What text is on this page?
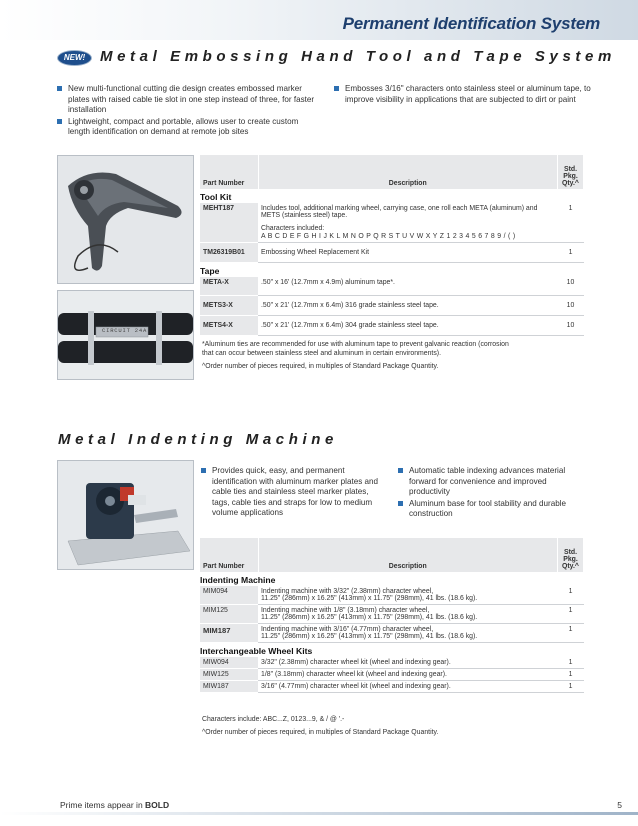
Permanent Identification System
NEW! Metal Embossing Hand Tool and Tape System
New multi-functional cutting die design creates embossed marker plates with raised cable tie slot in one step instead of three, for faster installation
Lightweight, compact and portable, allows user to create custom length identification on demand at remote job sites
Embosses 3/16" characters onto stainless steel or aluminum tape, to improve visibility in applications that are subjected to dirt or paint
CIRCUIT 24A
Part Number	Description	Std. Pkg. Qty.^
Tool Kit		
MEHT187	Includes tool, additional marking wheel, carrying case, one roll each META (aluminum) and METS (stainless steel) tape.
Characters included:
A B C D E F G H I J K L M N O P Q R S T U V W X Y Z 1 2 3 4 5 6 7 8 9 / ( )	1
TM26319B01	Embossing Wheel Replacement Kit	1
Tape		
META-X	.50" x 16' (12.7mm x 4.9m) aluminum tape*.	10
METS3-X	.50" x 21' (12.7mm x 6.4m) 316 grade stainless steel tape.	10
METS4-X	.50" x 21' (12.7mm x 6.4m) 304 grade stainless steel tape.	10
*Aluminum ties are recommended for use with aluminum tape to prevent galvanic reaction (corrosion that can occur between stainless steel and aluminum in certain environments).
^Order number of pieces required, in multiples of Standard Package Quantity.
Metal Indenting Machine
Provides quick, easy, and permanent identification with aluminum marker plates and cable ties and stainless steel marker plates, tags, cable ties and straps for low to medium volume applications
Automatic table indexing advances material forward for convenience and improved productivity
Aluminum base for tool stability and durable construction
Part Number	Description	Std. Pkg. Qty.^
Indenting Machine		
MIM094	Indenting machine with 3/32" (2.38mm) character wheel,
11.25" (286mm) x 16.25" (413mm) x 11.75" (298mm), 41 lbs. (18.6 kg).	1
MIM125	Indenting machine with 1/8" (3.18mm) character wheel,
11.25" (286mm) x 16.25" (413mm) x 11.75" (298mm), 41 lbs. (18.6 kg).	1
MIM187	Indenting machine with 3/16" (4.77mm) character wheel,
11.25" (286mm) x 16.25" (413mm) x 11.75" (298mm), 41 lbs. (18.6 kg).	1
Interchangeable Wheel Kits		
MIW094	3/32" (2.38mm) character wheel kit (wheel and indexing gear).	1
MIW125	1/8" (3.18mm) character wheel kit (wheel and indexing gear).	1
MIW187	3/16" (4.77mm) character wheel kit (wheel and indexing gear).	1
Characters include: ABC...Z, 0123...9, & / @ '.-
^Order number of pieces required, in multiples of Standard Package Quantity.
Prime items appear in BOLD	5
